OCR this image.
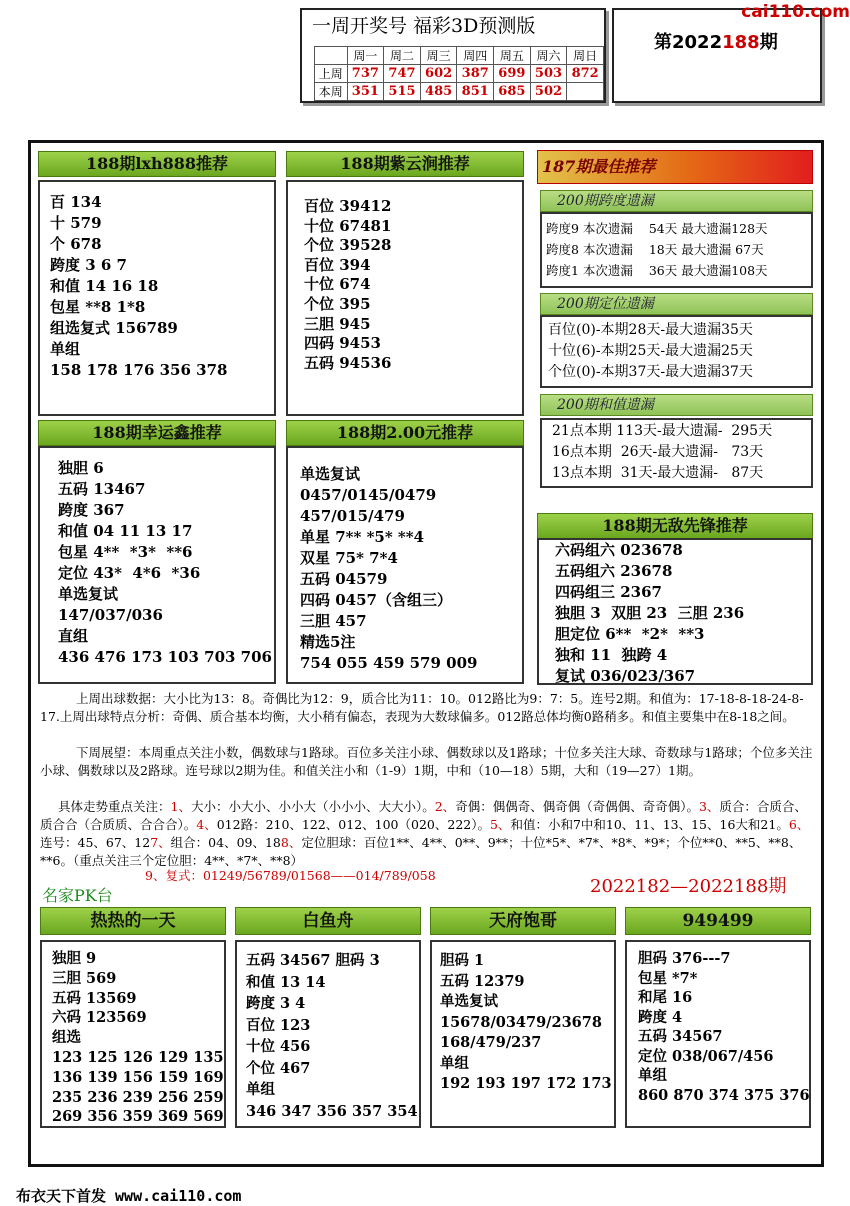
一周开奖号 福彩3D预测版
	周一	周二	周三	周四	周五	周六	周日
上周	737	747	602	387	699	503	872
本周	351	515	485	851	685	502	
第2022188期
cai110.com
188期lxh888推荐
百 134
十 579
个 678
跨度 3 6 7
和值 14 16 18
包星 **8 1*8
组选复式 156789
单组
158 178 176 356 378
188期紫云涧推荐
百位 39412
十位 67481
个位 39528
百位 394
十位 674
个位 395
三胆 945
四码 9453
五码 94536
188期幸运鑫推荐
独胆 6
五码 13467
跨度 367
和值 04 11 13 17
包星 4**  *3*  **6
定位 43*  4*6  *36
单选复试
147/037/036
直组
436 476 173 103 703 706
188期2.00元推荐
单选复试
0457/0145/0479
457/015/479
单星 7** *5* **4
双星 75* 7*4
五码 04579
四码 0457（含组三）
三胆 457
精选5注
754 055 459 579 009
187期最佳推荐
200期跨度遗漏
跨度9 本次遗漏    54天 最大遗漏128天
跨度8 本次遗漏    18天 最大遗漏 67天
跨度1 本次遗漏    36天 最大遗漏108天
200期定位遗漏
百位(0)-本期28天-最大遗漏35天
十位(6)-本期25天-最大遗漏25天
个位(0)-本期37天-最大遗漏37天
200期和值遗漏
21点本期 113天-最大遗漏-  295天
16点本期  26天-最大遗漏-   73天
13点本期  31天-最大遗漏-   87天
188期无敌先锋推荐
六码组六 023678
五码组六 23678
四码组三 2367
独胆 3  双胆 23  三胆 236
胆定位 6**  *2*  **3
独和 11  独跨 4
复试 036/023/367
上周出球数据：大小比为13：8。奇偶比为12：9，质合比为11：10。012路比为9：7：5。连号2期。和值为：17-18-8-18-24-8-17.上周出球特点分析：奇偶、质合基本均衡，大小稍有偏态，表现为大数球偏多。012路总体均衡0路稍多。和值主要集中在8-18之间。
下周展望：本周重点关注小数，偶数球与1路球。百位多关注小球、偶数球以及1路球；十位多关注大球、奇数球与1路球；个位多关注小球、偶数球以及2路球。连号球以2期为佳。和值关注小和（1-9）1期，中和（10—18）5期，大和（19—27）1期。
具体走势重点关注：1、大小：小大小、小小大（小小小、大大小）。2、奇偶：偶偶奇、偶奇偶（奇偶偶、奇奇偶）。3、质合：合质合、质合合（合质质、合合合）。4、012路：210、122、012、100（020、222）。5、和值：小和7中和10、11、13、15、16大和21。6、连号：45、67、127、组合：04、09、188、定位胆球：百位1**、4**、0**、9**；十位*5*、*7*、*8*、*9*；个位**0、**5、**8、**6。（重点关注三个定位胆：4**、*7*、**8）
9、复式：01249/56789/01568——014/789/058
名家PK台	2022182—2022188期
热热的一天
独胆 9
三胆 569
五码 13569
六码 123569
组选
123 125 126 129 135
136 139 156 159 169
235 236 239 256 259
269 356 359 369 569
白鱼舟
五码 34567 胆码 3
和值 13 14
跨度 3 4
百位 123
十位 456
个位 467
单组
346 347 356 357 354
天府饱哥
胆码 1
五码 12379
单选复试
15678/03479/23678
168/479/237
单组
192 193 197 172 173
949499
胆码 376---7
包星 *7*
和尾 16
跨度 4
五码 34567
定位 038/067/456
单组
860 870 374 375 376
布衣天下首发 www.cai110.com
